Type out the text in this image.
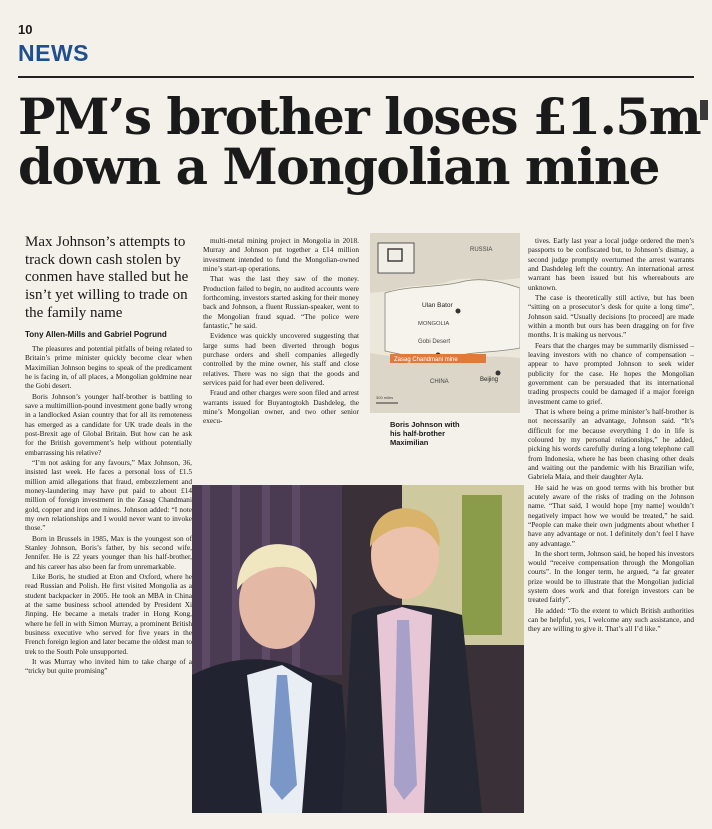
10
NEWS
PM’s brother loses £1.5m
down a Mongolian mine
Max Johnson’s attempts to track down cash stolen by conmen have stalled but he isn’t yet willing to trade on the family name
Tony Allen-Mills and Gabriel Pogrund

The pleasures and potential pitfalls of being related to Britain’s prime minister quickly become clear when Maximilian Johnson begins to speak of the predicament he is facing in, of all places, a Mongolian goldmine near the Gobi desert.

Boris Johnson’s younger half-brother is battling to save a multimillion-pound investment gone badly wrong in a landlocked Asian country that for all its remoteness has emerged as a candidate for UK trade deals in the post-Brexit age of Global Britain. But how can he ask for the British government’s help without potentially embarrassing his relative?

“I’m not asking for any favours,” Max Johnson, 36, insisted last week. He faces a personal loss of £1.5 million amid allegations that fraud, embezzlement and money-laundering may have put paid to about £14 million of foreign investment in the Zasag Chandmani gold, copper and iron ore mines. Johnson added: “I note my own relationships and I would never want to invoke those.”

Born in Brussels in 1985, Max is the youngest son of Stanley Johnson, Boris’s father, by his second wife, Jennifer. He is 22 years younger than his half-brother, and his career has also been far from unremarkable.

Like Boris, he studied at Eton and Oxford, where he read Russian and Polish. He first visited Mongolia as a student backpacker in 2005. He took an MBA in China at the same business school attended by President Xi Jinping. He became a metals trader in Hong Kong, where he fell in with Simon Murray, a prominent British business executive who served for five years in the French foreign legion and later became the oldest man to trek to the South Pole unsupported.

It was Murray who invited him to take charge of a “tricky but quite promising”

multi-metal mining project in Mongolia in 2018. Murray and Johnson put together a £14 million investment intended to fund the Mongolian-owned mine’s start-up operations.

That was the last they saw of the money. Production failed to begin, no audited accounts were forthcoming, investors started asking for their money back and Johnson, a fluent Russian-speaker, went to the Mongolian fraud squad. “The police were fantastic,” he said.

Evidence was quickly uncovered suggesting that large sums had been diverted through bogus purchase orders and shell companies allegedly controlled by the mine owner, his staff and close relatives. There was no sign that the goods and services paid for had ever been delivered.

Fraud and other charges were soon filed and arrest warrants issued for Buyantogtokh Dashdeleg, the mine’s Mongolian owner, and two other senior execu-

tives. Early last year a local judge ordered the men’s passports to be confiscated but, to Johnson’s dismay, a second judge promptly overturned the arrest warrants and Dashdeleg left the country. An international arrest warrant has been issued but his whereabouts are unknown.

The case is theoretically still active, but has been “sitting on a prosecutor’s desk for quite a long time”, Johnson said. “Usually decisions [to proceed] are made within a month but ours has been dragging on for five months. It is making us nervous.”

Fears that the charges may be summarily dismissed – leaving investors with no chance of compensation – appear to have prompted Johnson to seek wider publicity for the case. He hopes the Mongolian government can be persuaded that its international trading prospects could be damaged if a major foreign investment came to grief.

That is where being a prime minister’s half-brother is not necessarily an advantage, Johnson said. “It’s difficult for me because everything I do in life is coloured by my personal relationships,” he added, picking his words carefully during a long telephone call from Indonesia, where he has been chasing other deals and waiting out the pandemic with his Brazilian wife, Gabriela Maia, and their daughter Ayla.

He said he was on good terms with his brother but acutely aware of the risks of trading on the Johnson name. “That said, I would hope [my name] wouldn’t negatively impact how we would be treated,” he said. “People can make their own judgments about whether I have any advantage or not. I definitely don’t feel I have any advantage.”

In the short term, Johnson said, he hoped his investors would “receive compensation through the Mongolian courts”. In the longer term, he argued, “a far greater prize would be to illustrate that the Mongolian judicial system does work and that foreign investors can be treated fairly”.

He added: “To the extent to which British authorities can be helpful, yes, I welcome any such assistance, and they are willing to give it. That’s all I’d like.”

RUSSIA
Ulan Bator
MONGOLIA
Gobi Desert
Zasag Chandmani mine
CHINA	Beijing
300 miles
Boris Johnson with his half-brother Maximilian
